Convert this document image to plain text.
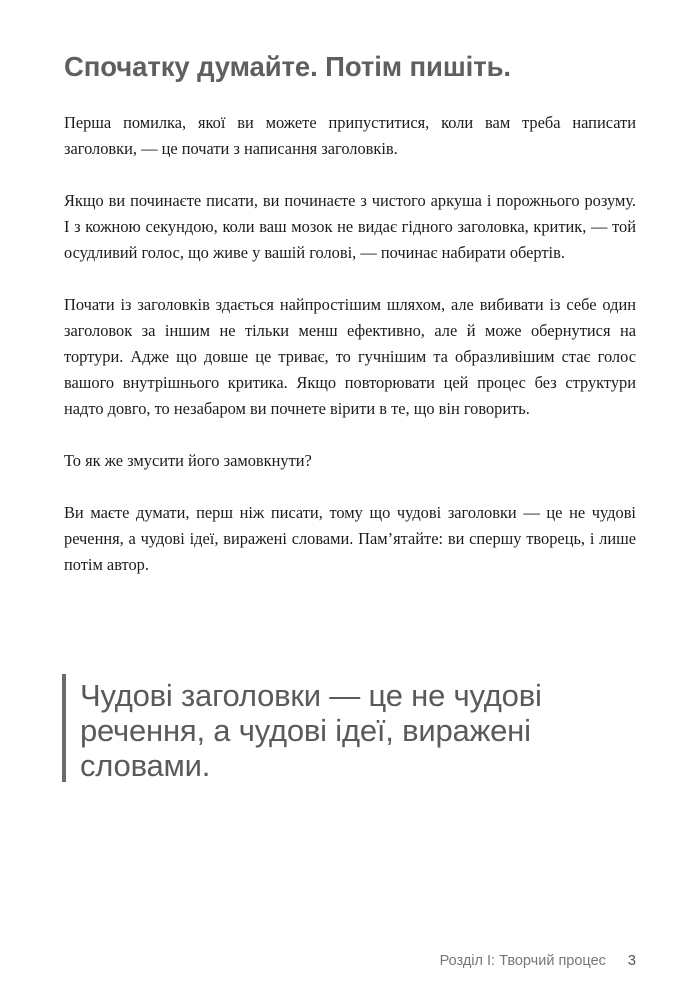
Спочатку думайте. Потім пишіть.

Перша помилка, якої ви можете припуститися, коли вам треба написати заголовки, — це почати з написання заголовків.

Якщо ви починаєте писати, ви починаєте з чистого аркуша і порожнього розуму. І з кожною секундою, коли ваш мозок не видає гідного заголовка, критик, — той осудливий голос, що живе у вашій голові, — починає набирати обертів.

Почати із заголовків здається найпростішим шляхом, але вибивати із себе один заголовок за іншим не тільки менш ефективно, але й може обернутися на тортури. Адже що довше це триває, то гучнішим та образливішим стає голос вашого внутрішнього критика. Якщо повторювати цей процес без структури надто довго, то незабаром ви почнете вірити в те, що він говорить.

То як же змусити його замовкнути?

Ви маєте думати, перш ніж писати, тому що чудові заголовки — це не чудові речення, а чудові ідеї, виражені словами. Пам’ятайте: ви спершу творець, і лише потім автор.

Чудові заголовки — це не чудові речення, а чудові ідеї, виражені словами.

Розділ І: Творчий процес 3
